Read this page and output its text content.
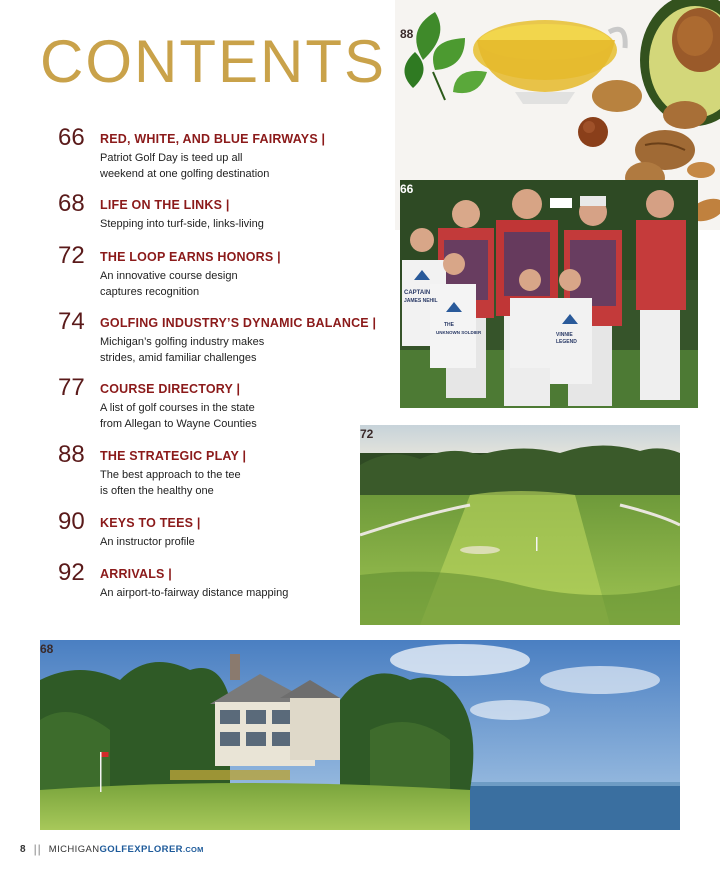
CONTENTS
66	RED, WHITE, AND BLUE FAIRWAYS |
Patriot Golf Day is teed up all
weekend at one golfing destination
68	LIFE ON THE LINKS |
Stepping into turf-side, links-living
72	THE LOOP EARNS HONORS |
An innovative course design
captures recognition
74	GOLFING INDUSTRY’S DYNAMIC BALANCE |
Michigan’s golfing industry makes
strides, amid familiar challenges
77	COURSE DIRECTORY |
A list of golf courses in the state
from Allegan to Wayne Counties
88	THE STRATEGIC PLAY |
The best approach to the tee
is often the healthy one
90	KEYS TO TEES |
An instructor profile
92	ARRIVALS |
An airport-to-fairway distance mapping
88
CAPTAIN
JAMES NEHIL
THE
UNKNOWN SOLDIER	VINNIE
LEGEND
66
72
68
8 || MICHIGAN GOLFEXPLORER .COM
